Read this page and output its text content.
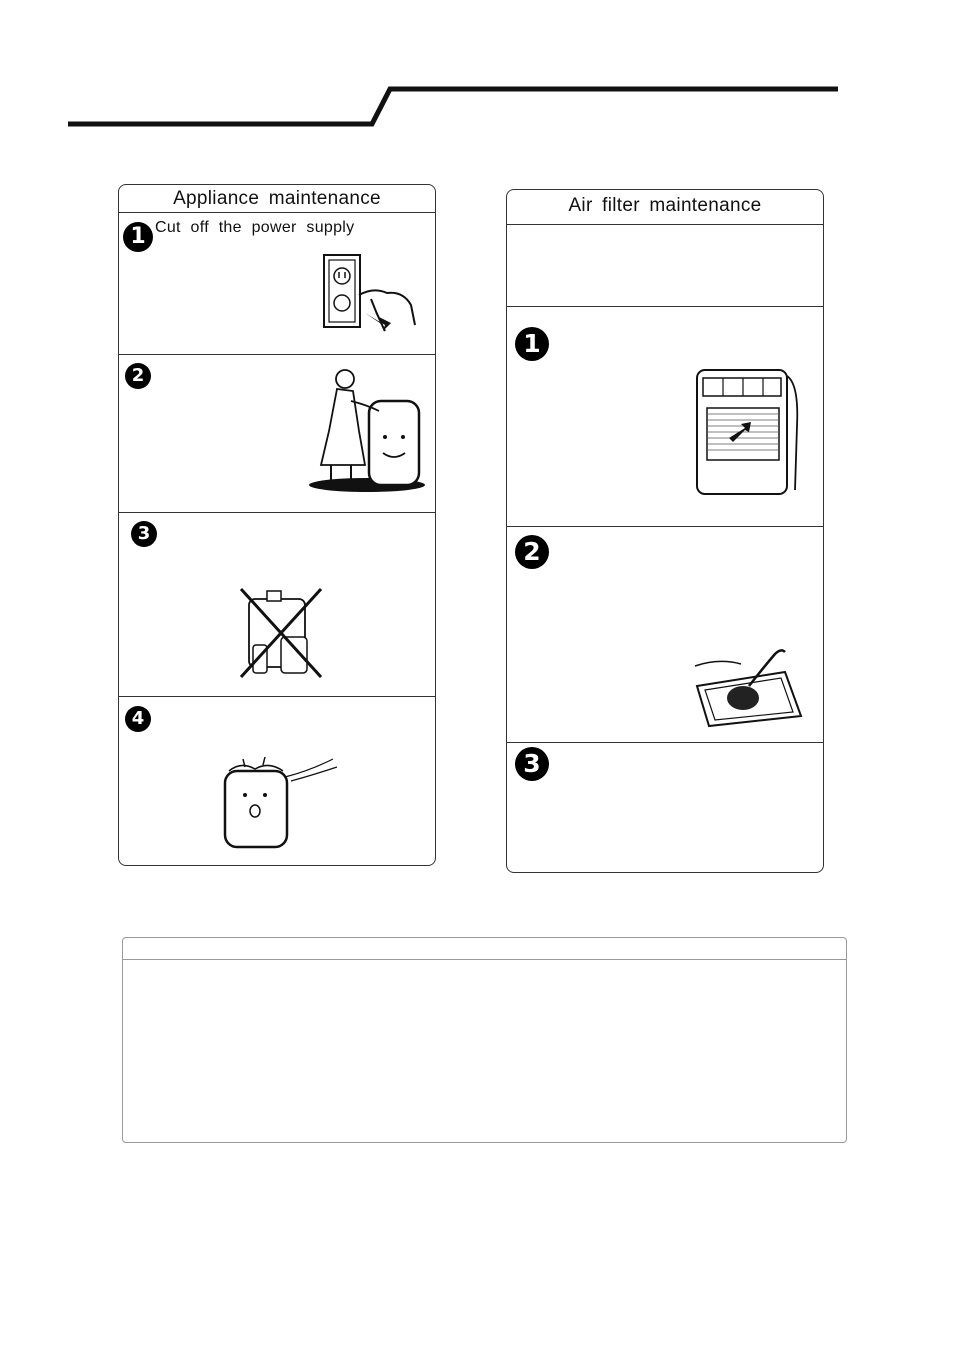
Appliance maintenance
1 Cut off the power supply
2
3
4
Air filter maintenance
1
2
3
